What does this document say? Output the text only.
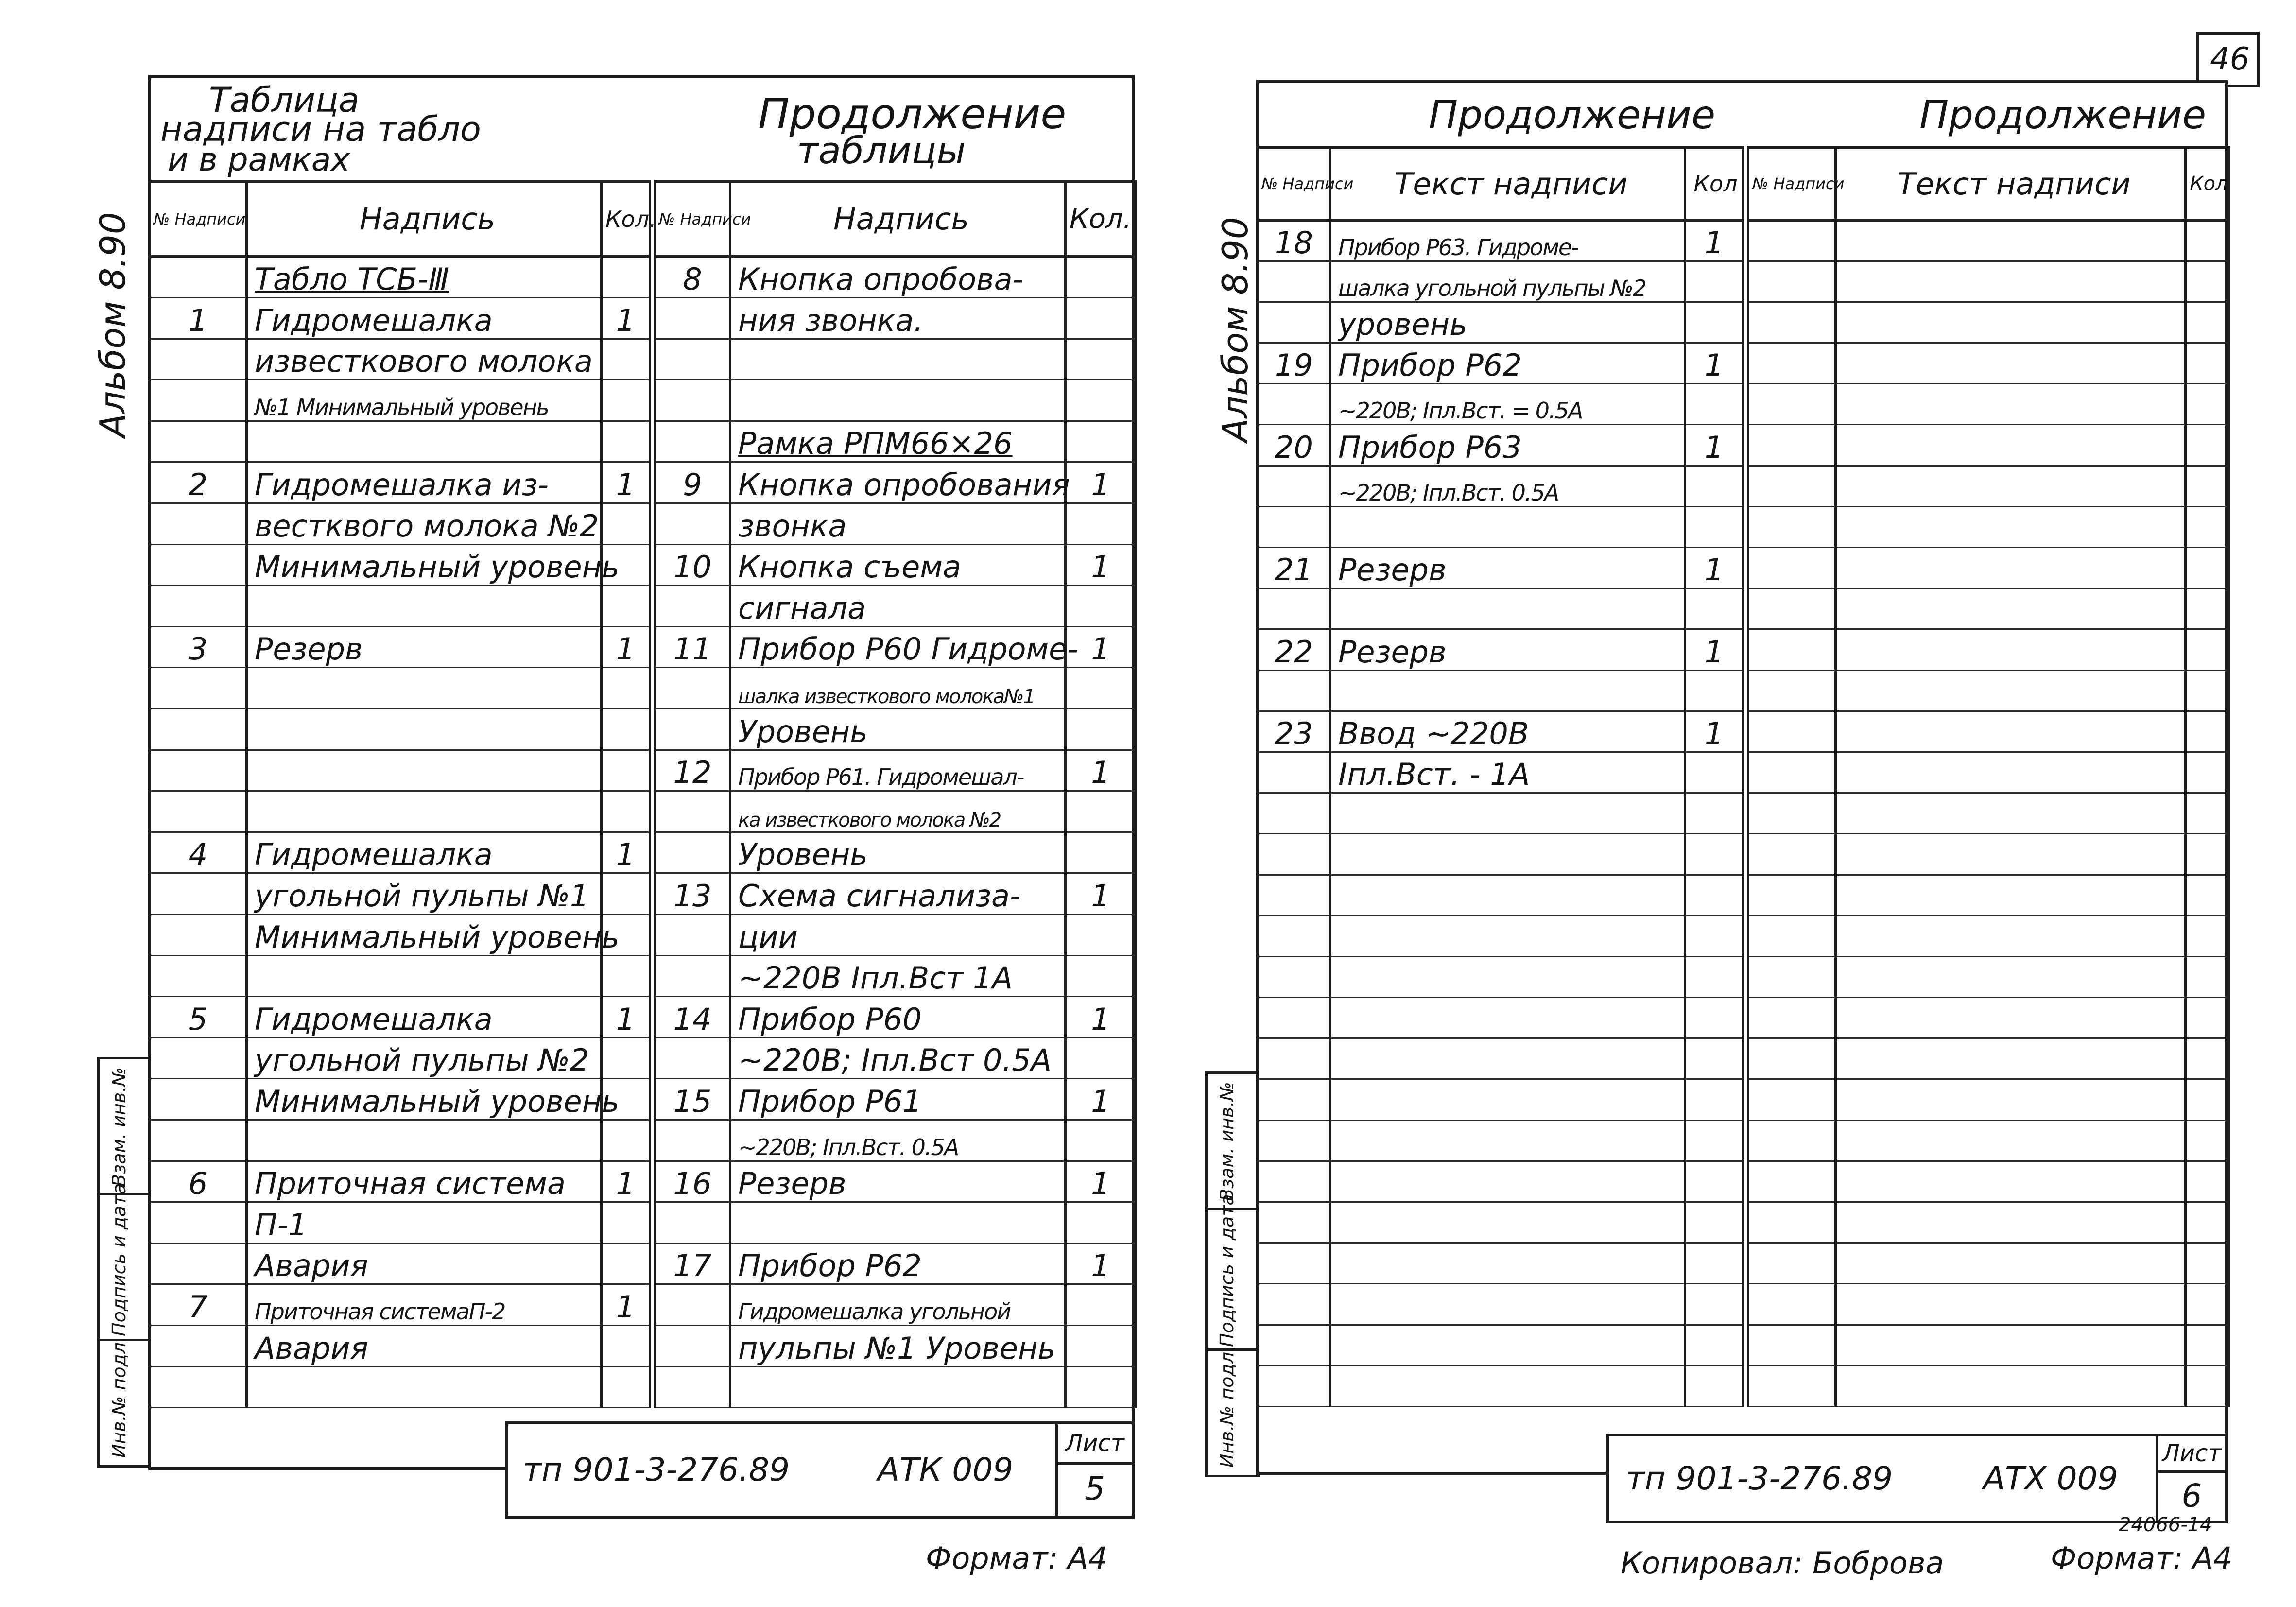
Альбом 8.90
Взам. инв.№
Подпись и дата
Инв.№ подл.
Таблица
надписи на табло
и в рамках
Продолжение
таблицы
№ Надписи	Надпись	Кол.
	Табло ТСБ-Ⅲ	
1	Гидромешалка	1
	известкового молока	
	№1 Минимальный уровень	

2	Гидромешалка из-	1
	вестквого молока №2	
	Минимальный уровень	

3	Резерв	1

4	Гидромешалка	1
	угольной пульпы №1	
	Минимальный уровень	

5	Гидромешалка	1
	угольной пульпы №2	
	Минимальный уровень	

6	Приточная система	1
	П-1	
	Авария	
7	Приточная системаП-2	1
	Авария	

№ Надписи	Надпись	Кол.
8	Кнопка опробова-	
	ния звонка.	

	Рамка РПМ66×26	
9	Кнопка опробования	1
	звонка	
10	Кнопка съема	1
	сигнала	
11	Прибор Р60 Гидроме-	1
	шалка известкового молока№1	
	Уровень	
12	Прибор Р61. Гидромешал-	1
	ка известкового молока №2	
	Уровень	
13	Схема сигнализа-	1
	ции	
	~220В Iпл.Вст 1А	
14	Прибор Р60	1
	~220В; Iпл.Вст 0.5А	
15	Прибор Р61	1
	~220В; Iпл.Вст. 0.5А	
16	Резерв	1

17	Прибор Р62	1
	Гидромешалка угольной	
	пульпы №1 Уровень	

тп 901-3-276.89	АТК 009
Лист
5
Формат: А4
46
Альбом 8.90
Взам. инв.№
Подпись и дата
Инв.№ подл.
Продолжение	Продолжение
№ Надписи	Текст надписи	Кол
18	Прибор Р63. Гидроме-	1
	шалка угольной пульпы №2	
	уровень	
19	Прибор Р62	1
	~220В; Iпл.Вст. = 0.5А	
20	Прибор Р63	1
	~220В; Iпл.Вст. 0.5А	

21	Резерв	1

22	Резерв	1

23	Ввод ~220В	1
	Iпл.Вст. - 1А	

№ Надписи	Текст надписи	Кол

тп 901-3-276.89	АТХ 009
Лист
6
Копировал: Боброва
24066-14
Формат: А4
